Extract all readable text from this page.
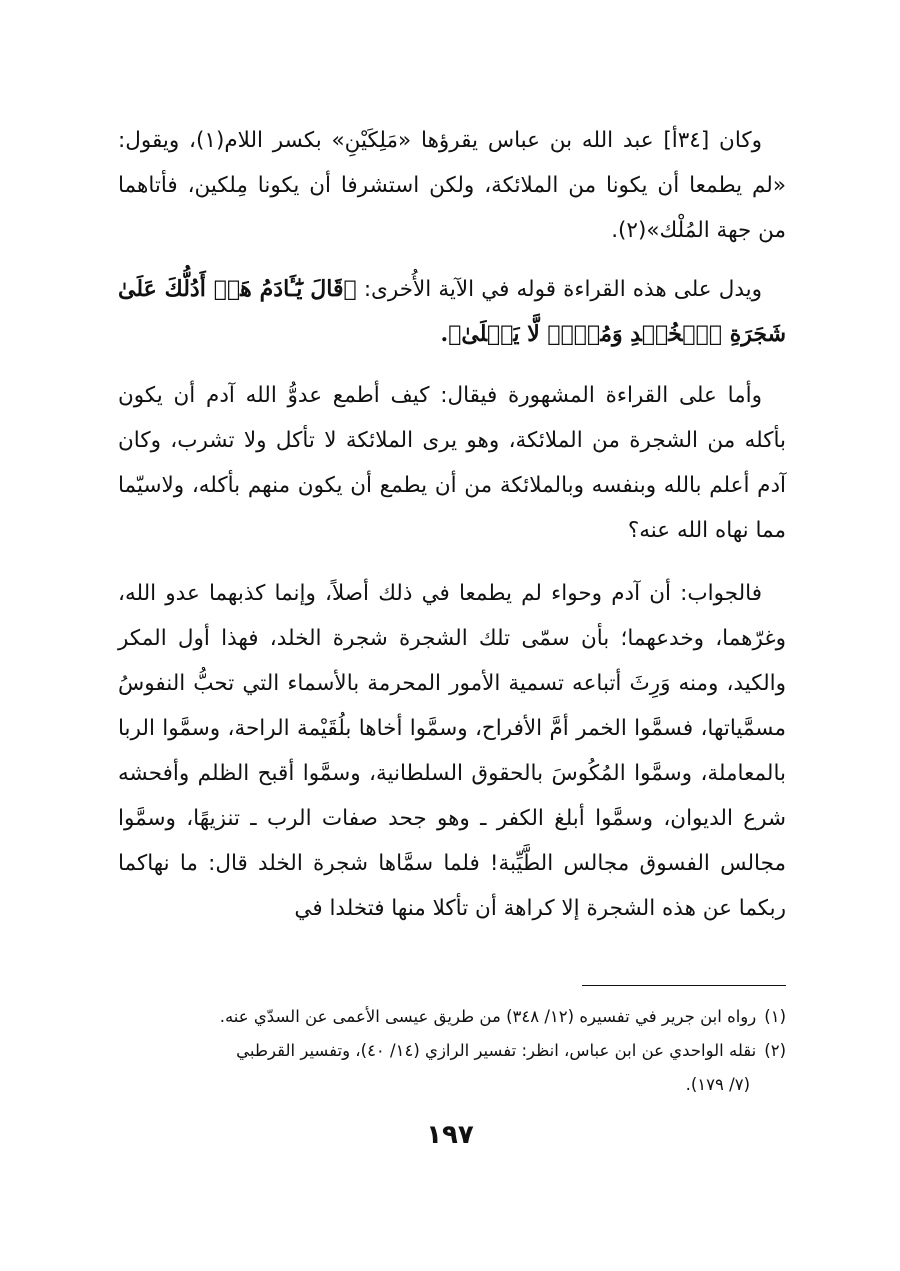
وكان [٣٤أ] عبد الله بن عباس يقرؤها «مَلِكَيْنِ» بكسر اللام(١)، ويقول: «لم يطمعا أن يكونا من الملائكة، ولكن استشرفا أن يكونا مِلكين، فأتاهما من جهة المُلْك»(٢).

ويدل على هذه القراءة قوله في الآية الأُخرى: ﴿قَالَ يَٰٓـَٔادَمُ هَلۡ أَدُلُّكَ عَلَىٰ شَجَرَةِ ٱلۡخُلۡدِ وَمُلۡكٖ لَّا يَبۡلَىٰ﴾.

وأما على القراءة المشهورة فيقال: كيف أطمع عدوُّ الله آدم أن يكون بأكله من الشجرة من الملائكة، وهو يرى الملائكة لا تأكل ولا تشرب، وكان آدم أعلم بالله وبنفسه وبالملائكة من أن يطمع أن يكون منهم بأكله، ولاسيّما مما نهاه الله عنه؟

فالجواب: أن آدم وحواء لم يطمعا في ذلك أصلاً، وإنما كذبهما عدو الله، وغرّهما، وخدعهما؛ بأن سمّى تلك الشجرة شجرة الخلد، فهذا أول المكر والكيد، ومنه وَرِثَ أتباعه تسمية الأمور المحرمة بالأسماء التي تحبُّ النفوسُ مسمَّياتها، فسمَّوا الخمر أمَّ الأفراح، وسمَّوا أخاها بلُقَيْمة الراحة، وسمَّوا الربا بالمعاملة، وسمَّوا المُكُوسَ بالحقوق السلطانية، وسمَّوا أقبح الظلم وأفحشه شرع الديوان، وسمَّوا أبلغ الكفر ـ وهو جحد صفات الرب ـ تنزيهًا، وسمَّوا مجالس الفسوق مجالس الطَّيِّبة! فلما سمَّاها شجرة الخلد قال: ما نهاكما ربكما عن هذه الشجرة إلا كراهة أن تأكلا منها فتخلدا في

(١)رواه ابن جرير في تفسيره (١٢/ ٣٤٨) من طريق عيسى الأعمى عن السدّي عنه.

(٢)نقله الواحدي عن ابن عباس، انظر: تفسير الرازي (١٤/ ٤٠)، وتفسير القرطبي
(٧/ ١٧٩).

١٩٧
